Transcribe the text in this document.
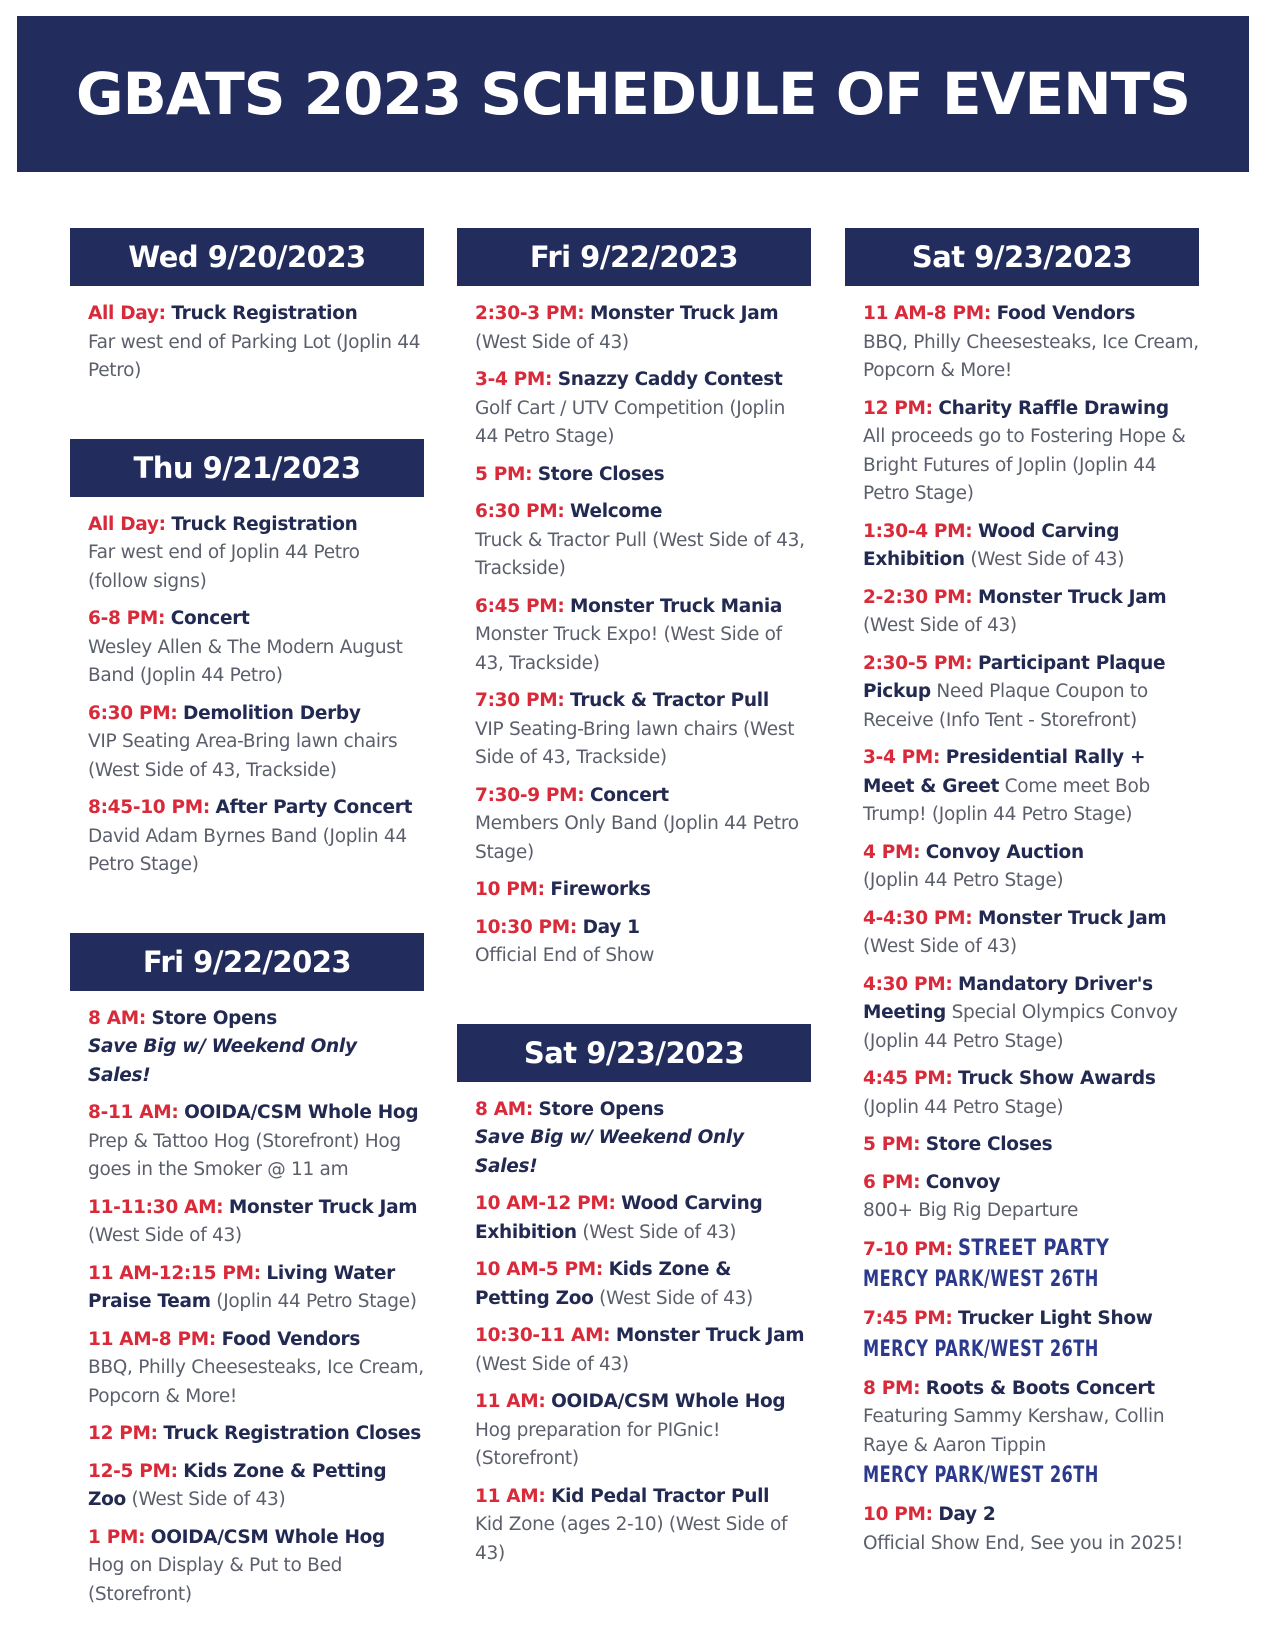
GBATS 2023 SCHEDULE OF EVENTS
Wed 9/20/2023
All Day: Truck Registration
Far west end of Parking Lot (Joplin 44 Petro)
Thu 9/21/2023
All Day: Truck Registration
Far west end of Joplin 44 Petro (follow signs)
6-8 PM: Concert
Wesley Allen & The Modern August Band (Joplin 44 Petro)
6:30 PM: Demolition Derby
VIP Seating Area-Bring lawn chairs (West Side of 43, Trackside)
8:45-10 PM: After Party Concert
David Adam Byrnes Band (Joplin 44 Petro Stage)
Fri 9/22/2023
8 AM: Store Opens
Save Big w/ Weekend Only Sales!
8-11 AM: OOIDA/CSM Whole Hog
Prep & Tattoo Hog (Storefront) Hog goes in the Smoker @ 11 am
11-11:30 AM: Monster Truck Jam
(West Side of 43)
11 AM-12:15 PM: Living Water Praise Team (Joplin 44 Petro Stage)
11 AM-8 PM: Food Vendors
BBQ, Philly Cheesesteaks, Ice Cream, Popcorn & More!
12 PM: Truck Registration Closes
12-5 PM: Kids Zone & Petting Zoo (West Side of 43)
1 PM: OOIDA/CSM Whole Hog
Hog on Display & Put to Bed (Storefront)
Fri 9/22/2023
2:30-3 PM: Monster Truck Jam
(West Side of 43)
3-4 PM: Snazzy Caddy Contest
Golf Cart / UTV Competition (Joplin 44 Petro Stage)
5 PM: Store Closes
6:30 PM: Welcome
Truck & Tractor Pull (West Side of 43, Trackside)
6:45 PM: Monster Truck Mania
Monster Truck Expo! (West Side of 43, Trackside)
7:30 PM: Truck & Tractor Pull
VIP Seating-Bring lawn chairs (West Side of 43, Trackside)
7:30-9 PM: Concert
Members Only Band (Joplin 44 Petro Stage)
10 PM: Fireworks
10:30 PM: Day 1
Official End of Show
Sat 9/23/2023
8 AM: Store Opens
Save Big w/ Weekend Only Sales!
10 AM-12 PM: Wood Carving Exhibition (West Side of 43)
10 AM-5 PM: Kids Zone & Petting Zoo (West Side of 43)
10:30-11 AM: Monster Truck Jam
(West Side of 43)
11 AM: OOIDA/CSM Whole Hog
Hog preparation for PIGnic! (Storefront)
11 AM: Kid Pedal Tractor Pull
Kid Zone (ages 2-10) (West Side of 43)
Sat 9/23/2023
11 AM-8 PM: Food Vendors
BBQ, Philly Cheesesteaks, Ice Cream, Popcorn & More!
12 PM: Charity Raffle Drawing
All proceeds go to Fostering Hope & Bright Futures of Joplin (Joplin 44 Petro Stage)
1:30-4 PM: Wood Carving Exhibition (West Side of 43)
2-2:30 PM: Monster Truck Jam
(West Side of 43)
2:30-5 PM: Participant Plaque Pickup Need Plaque Coupon to Receive (Info Tent - Storefront)
3-4 PM: Presidential Rally + Meet & Greet Come meet Bob Trump! (Joplin 44 Petro Stage)
4 PM: Convoy Auction
(Joplin 44 Petro Stage)
4-4:30 PM: Monster Truck Jam
(West Side of 43)
4:30 PM: Mandatory Driver's Meeting Special Olympics Convoy (Joplin 44 Petro Stage)
4:45 PM: Truck Show Awards
(Joplin 44 Petro Stage)
5 PM: Store Closes
6 PM: Convoy
800+ Big Rig Departure
7-10 PM: STREET PARTY
MERCY PARK/WEST 26TH
7:45 PM: Trucker Light Show
MERCY PARK/WEST 26TH
8 PM: Roots & Boots Concert
Featuring Sammy Kershaw, Collin Raye & Aaron Tippin
MERCY PARK/WEST 26TH
10 PM: Day 2
Official Show End, See you in 2025!
